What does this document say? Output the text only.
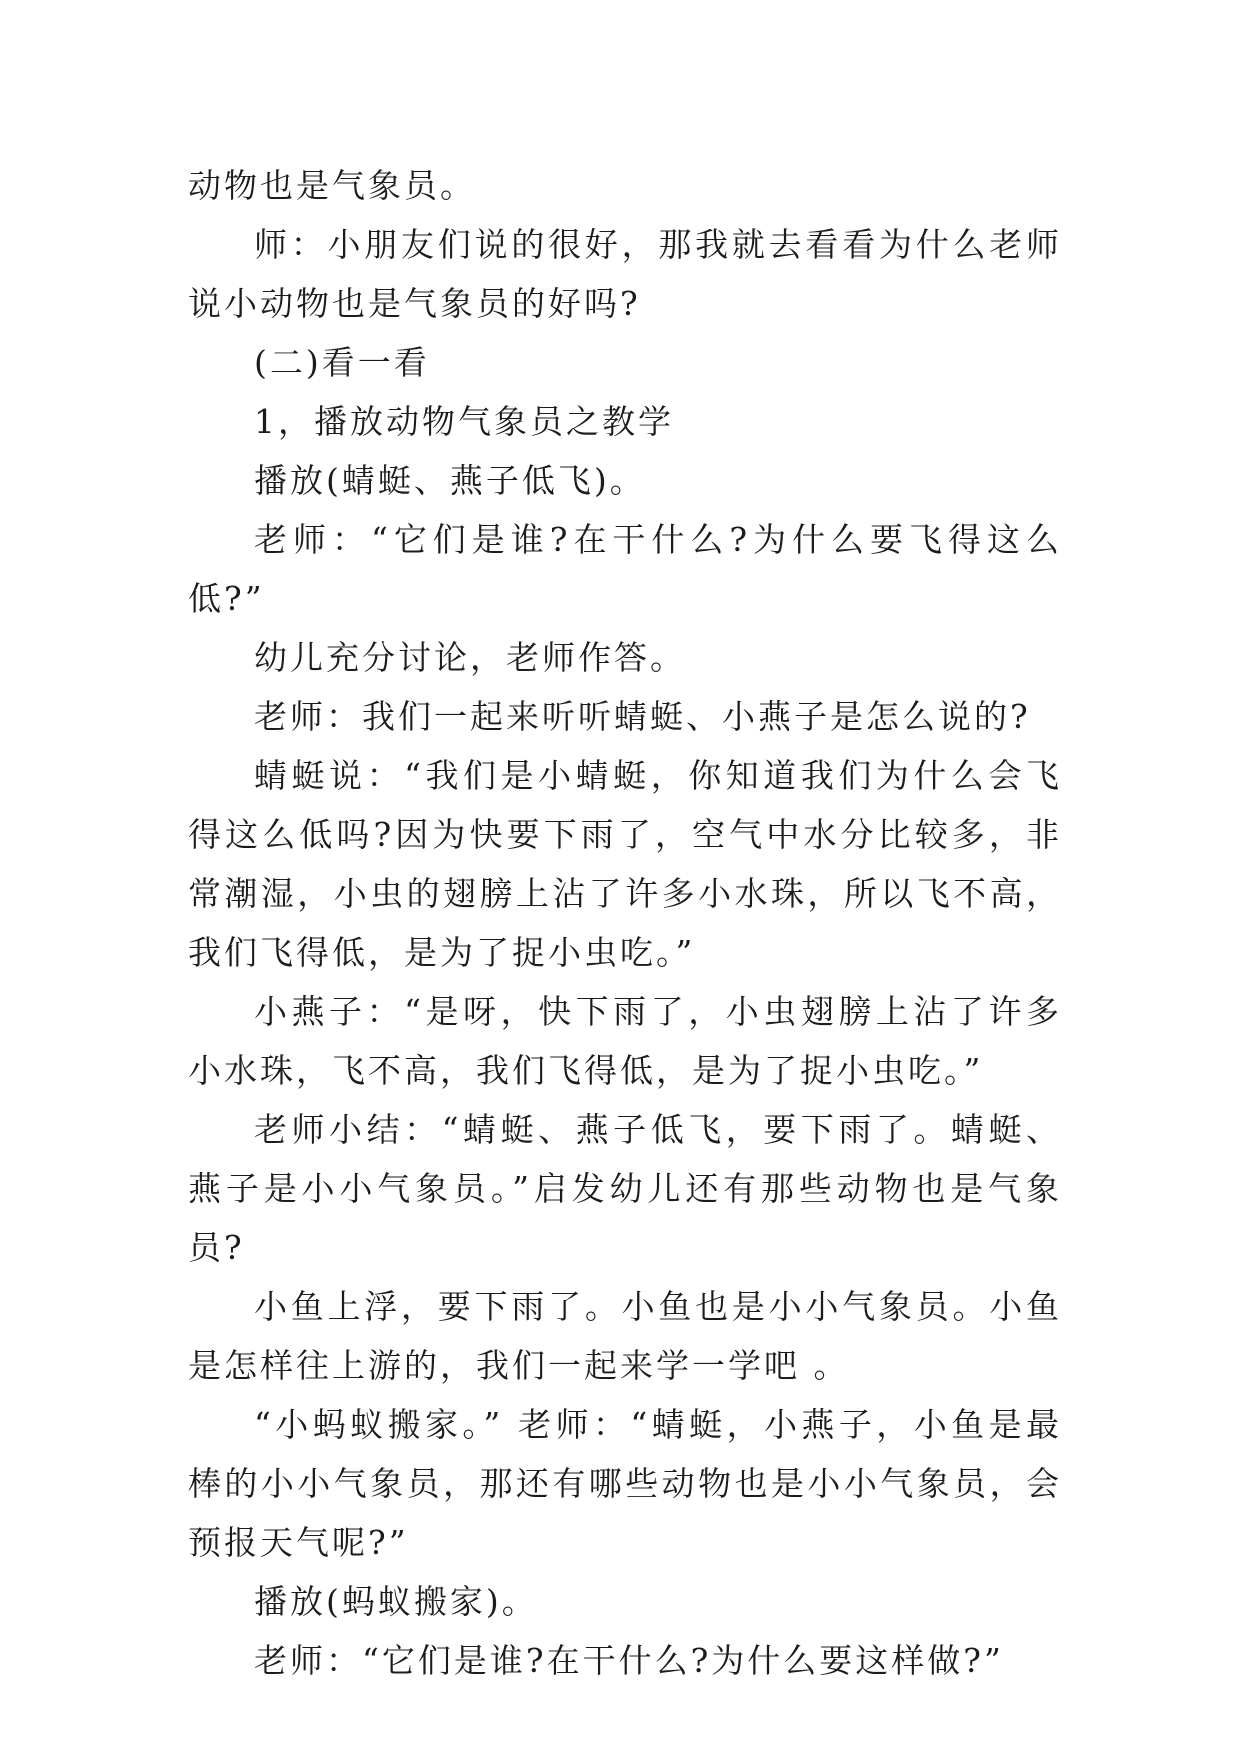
动物也是气象员。

师：小朋友们说的很好，那我就去看看为什么老师说小动物也是气象员的好吗?

(二)看一看

1，播放动物气象员之教学

播放(蜻蜓、燕子低飞)。

老师：“它们是谁?在干什么?为什么要飞得这么低?”

幼儿充分讨论，老师作答。

老师：我们一起来听听蜻蜓、小燕子是怎么说的?

蜻蜓说：“我们是小蜻蜓，你知道我们为什么会飞得这么低吗?因为快要下雨了，空气中水分比较多，非常潮湿，小虫的翅膀上沾了许多小水珠，所以飞不高，我们飞得低，是为了捉小虫吃。”

小燕子：“是呀，快下雨了，小虫翅膀上沾了许多小水珠，飞不高，我们飞得低，是为了捉小虫吃。”

老师小结：“蜻蜓、燕子低飞，要下雨了。蜻蜓、燕子是小小气象员。”启发幼儿还有那些动物也是气象员?

小鱼上浮，要下雨了。小鱼也是小小气象员。小鱼是怎样往上游的，我们一起来学一学吧 。

“小蚂蚁搬家。” 老师：“蜻蜓，小燕子，小鱼是最棒的小小气象员，那还有哪些动物也是小小气象员，会预报天气呢?”

播放(蚂蚁搬家)。

老师：“它们是谁?在干什么?为什么要这样做?”
